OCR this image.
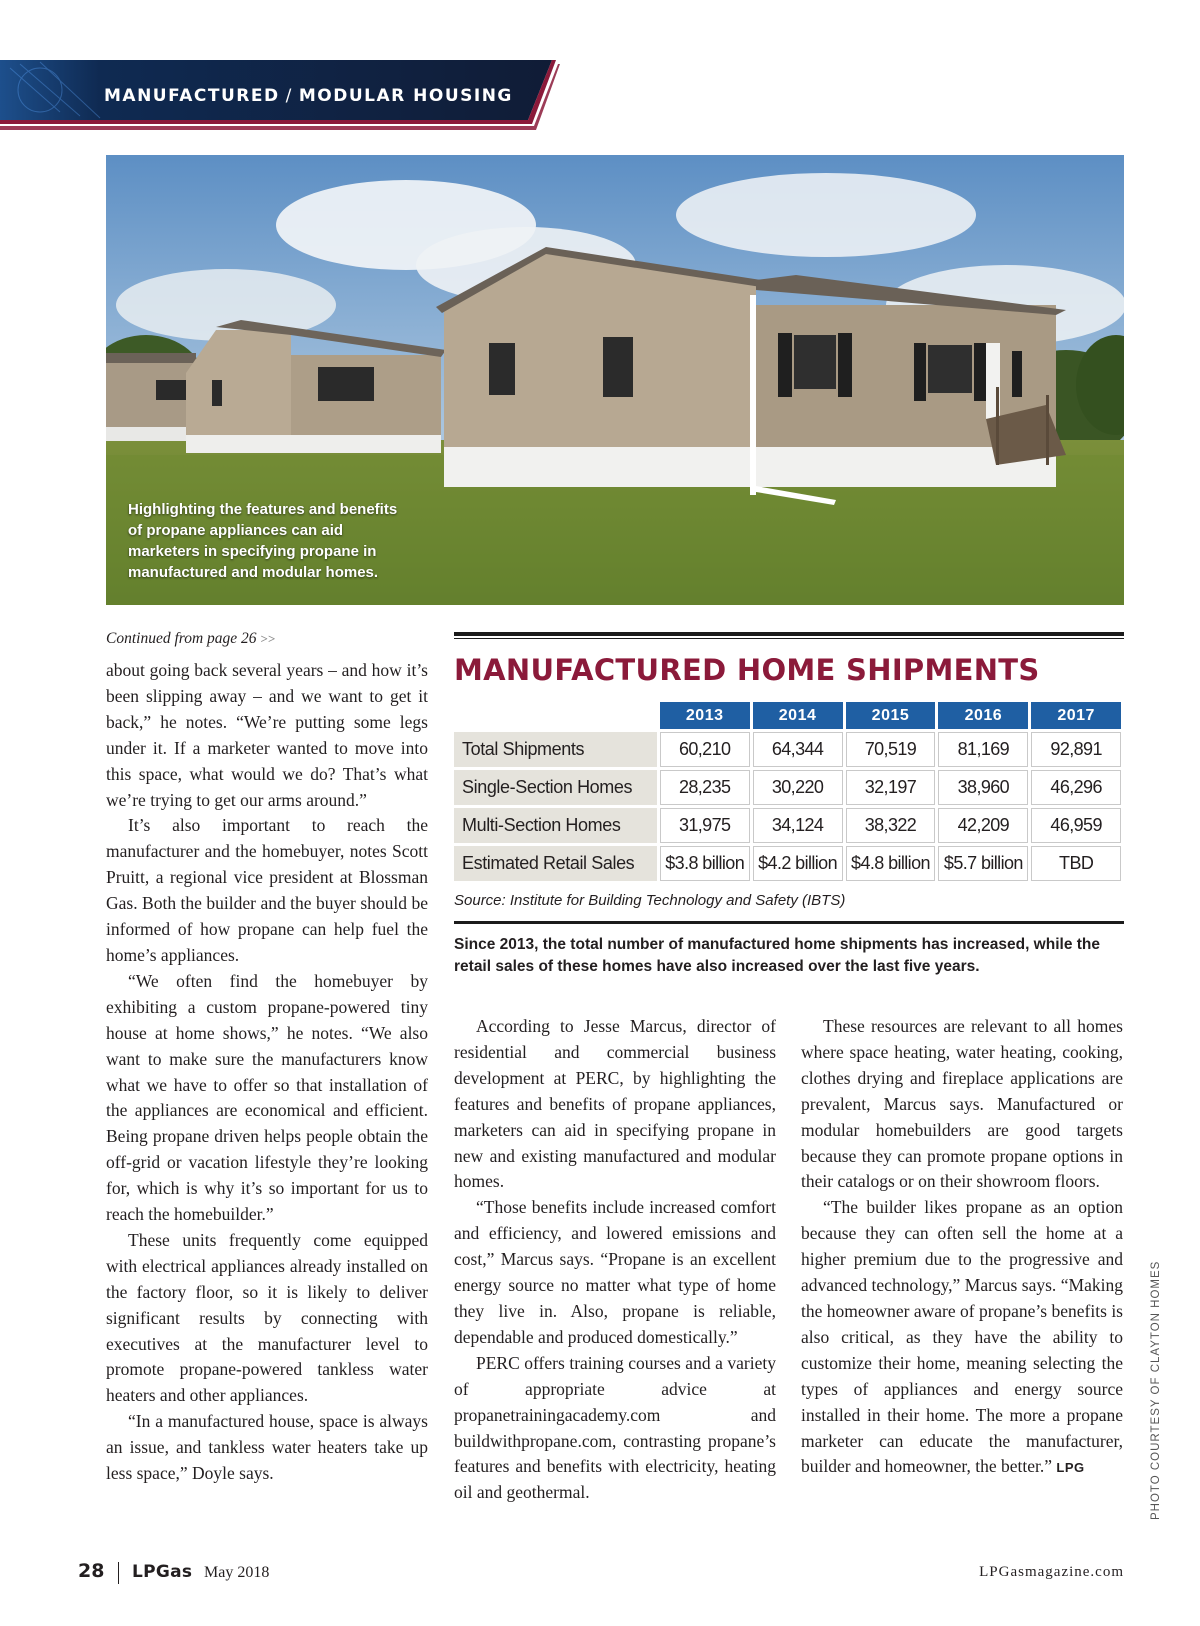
MANUFACTURED / MODULAR HOUSING
Highlighting the features and benefits of propane appliances can aid marketers in specifying propane in manufactured and modular homes.
Continued from page 26 >>

about going back several years – and how it’s been slipping away – and we want to get it back,” he notes. “We’re putting some legs under it. If a marketer wanted to move into this space, what would we do? That’s what we’re trying to get our arms around.”

It’s also important to reach the manufacturer and the homebuyer, notes Scott Pruitt, a regional vice president at Blossman Gas. Both the builder and the buyer should be informed of how propane can help fuel the home’s appliances.

“We often find the homebuyer by exhibiting a custom propane-powered tiny house at home shows,” he notes. “We also want to make sure the manufacturers know what we have to offer so that installation of the appliances are economical and efficient. Being propane driven helps people obtain the off-grid or vacation lifestyle they’re looking for, which is why it’s so important for us to reach the homebuilder.”

These units frequently come equipped with electrical appliances already installed on the factory floor, so it is likely to deliver significant results by connecting with executives at the manufacturer level to promote propane-powered tankless water heaters and other appliances.

“In a manufactured house, space is always an issue, and tankless water heaters take up less space,” Doyle says.

MANUFACTURED HOME SHIPMENTS
	2013	2014	2015	2016	2017
Total Shipments	60,210	64,344	70,519	81,169	92,891
Single-Section Homes	28,235	30,220	32,197	38,960	46,296
Multi-Section Homes	31,975	34,124	38,322	42,209	46,959
Estimated Retail Sales	$3.8 billion	$4.2 billion	$4.8 billion	$5.7 billion	TBD
Source: Institute for Building Technology and Safety (IBTS)
Since 2013, the total number of manufactured home shipments has increased, while the retail sales of these homes have also increased over the last five years.

According to Jesse Marcus, director of residential and commercial business development at PERC, by highlighting the features and benefits of propane appliances, marketers can aid in specifying propane in new and existing manufactured and modular homes.

“Those benefits include increased comfort and efficiency, and lowered emissions and cost,” Marcus says. “Propane is an excellent energy source no matter what type of home they live in. Also, propane is reliable, dependable and produced domestically.”

PERC offers training courses and a variety of appropriate advice at propanetrainingacademy.com and buildwithpropane.com, contrasting propane’s features and benefits with electricity, heating oil and geothermal.

These resources are relevant to all homes where space heating, water heating, cooking, clothes drying and fireplace applications are prevalent, Marcus says. Manufactured or modular homebuilders are good targets because they can promote propane options in their catalogs or on their showroom floors.

“The builder likes propane as an option because they can often sell the home at a higher premium due to the progressive and advanced technology,” Marcus says. “Making the homeowner aware of propane’s benefits is also critical, as they have the ability to customize their home, meaning selecting the types of appliances and energy source installed in their home. The more a propane marketer can educate the manufacturer, builder and homeowner, the better.” LPG	PHOTO COURTESY OF CLAYTON HOMES
28 LPGas May 2018	LPGasmagazine.com
